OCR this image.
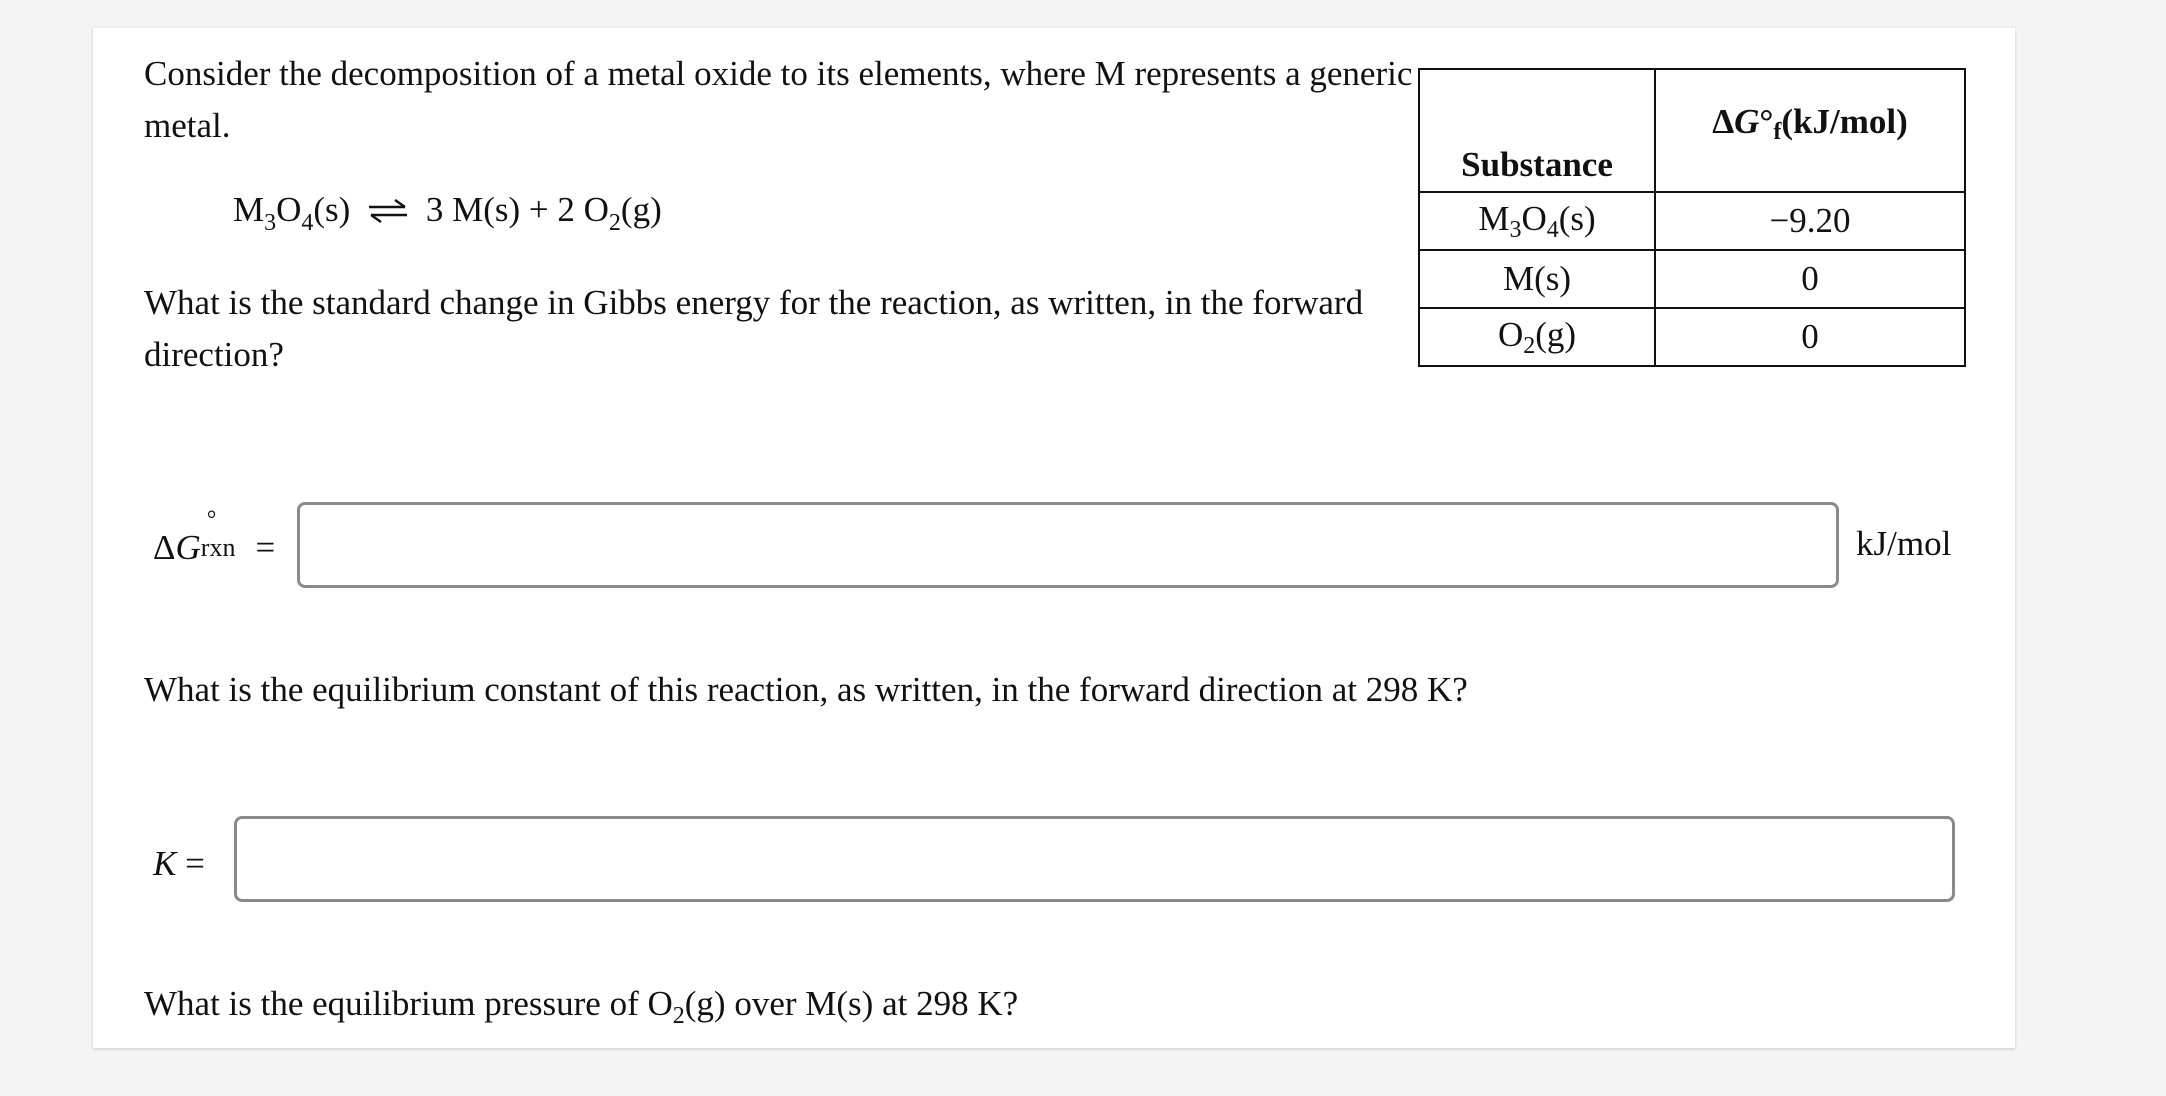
Consider the decomposition of a metal oxide to its elements, where M represents a generic metal.
$M_3O_4(s)$ ⇌ 3 M(s) + 2 $O_2(g)$
What is the standard change in Gibbs energy for the reaction, as written, in the forward direction?
ΔG
°
rxn =	kJ/mol
What is the equilibrium constant of this reaction, as written, in the forward direction at 298 K?
K =
What is the equilibrium pressure of $O_2(g)$ over M(s) at 298 K?
Substance	ΔG°f(kJ/mol)
$M_3O_4(s)$	−9.20
M(s)	0
$O_2(g)$	0
